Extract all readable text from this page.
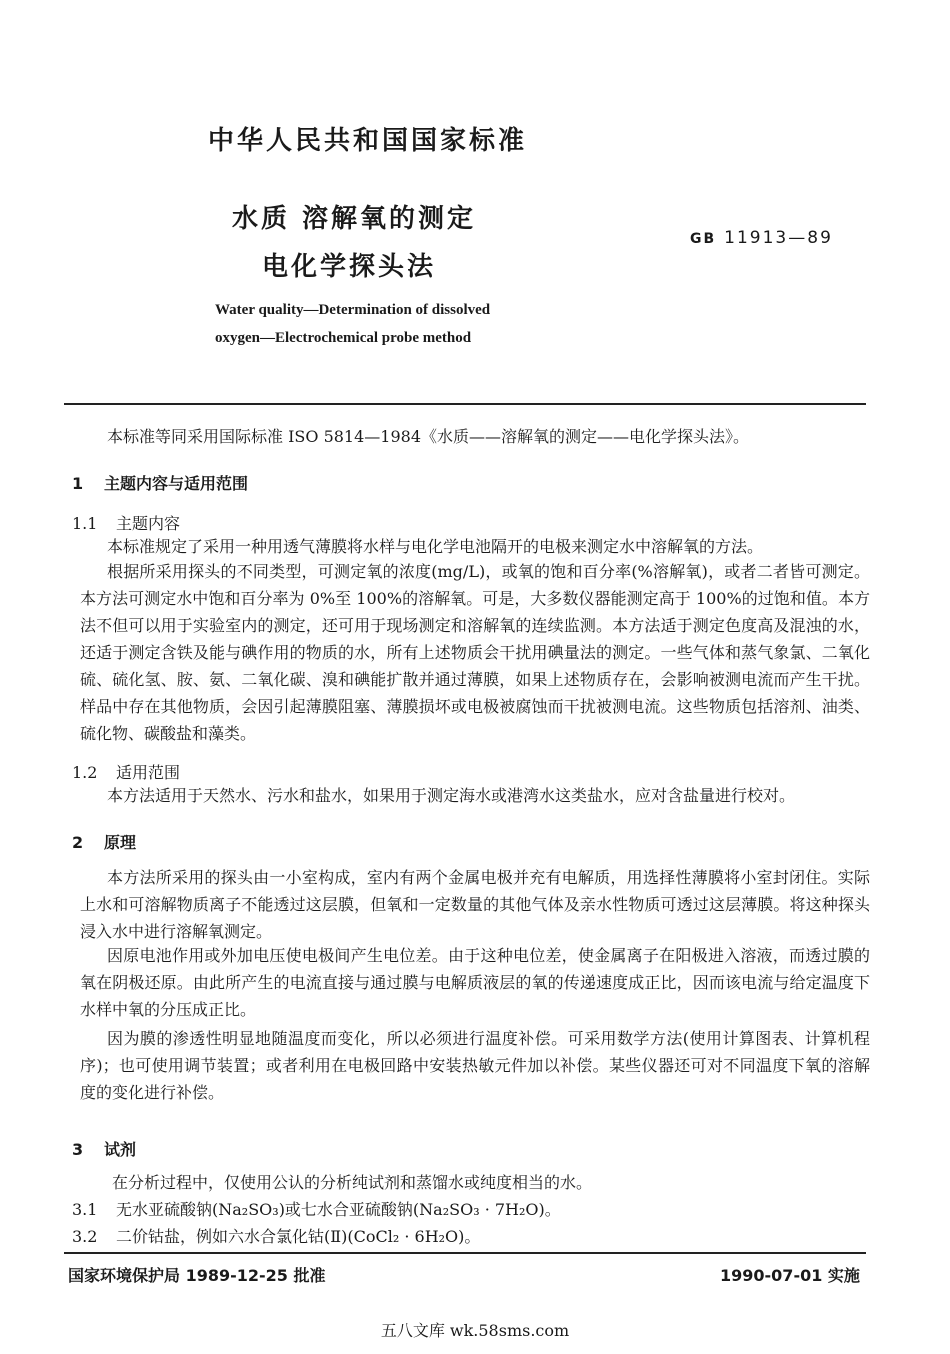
中华人民共和国国家标准
水质 溶解氧的测定
电化学探头法
GB 11913—89
Water quality—Determination of dissolved
oxygen—Electrochemical probe method
本标准等同采用国际标准 ISO 5814—1984《水质——溶解氧的测定——电化学探头法》。
1 主题内容与适用范围
1.1 主题内容
本标准规定了采用一种用透气薄膜将水样与电化学电池隔开的电极来测定水中溶解氧的方法。
根据所采用探头的不同类型，可测定氧的浓度(mg/L)，或氧的饱和百分率(%溶解氧)，或者二者皆可测定。本方法可测定水中饱和百分率为 0%至 100%的溶解氧。可是，大多数仪器能测定高于 100%的过饱和值。本方法不但可以用于实验室内的测定，还可用于现场测定和溶解氧的连续监测。本方法适于测定色度高及混浊的水，还适于测定含铁及能与碘作用的物质的水，所有上述物质会干扰用碘量法的测定。一些气体和蒸气象氯、二氧化硫、硫化氢、胺、氨、二氧化碳、溴和碘能扩散并通过薄膜，如果上述物质存在，会影响被测电流而产生干扰。样品中存在其他物质，会因引起薄膜阻塞、薄膜损坏或电极被腐蚀而干扰被测电流。这些物质包括溶剂、油类、硫化物、碳酸盐和藻类。
1.2 适用范围
本方法适用于天然水、污水和盐水，如果用于测定海水或港湾水这类盐水，应对含盐量进行校对。
2 原理
本方法所采用的探头由一小室构成，室内有两个金属电极并充有电解质，用选择性薄膜将小室封闭住。实际上水和可溶解物质离子不能透过这层膜，但氧和一定数量的其他气体及亲水性物质可透过这层薄膜。将这种探头浸入水中进行溶解氧测定。
因原电池作用或外加电压使电极间产生电位差。由于这种电位差，使金属离子在阳极进入溶液，而透过膜的氧在阴极还原。由此所产生的电流直接与通过膜与电解质液层的氧的传递速度成正比，因而该电流与给定温度下水样中氧的分压成正比。
因为膜的渗透性明显地随温度而变化，所以必须进行温度补偿。可采用数学方法(使用计算图表、计算机程序)；也可使用调节装置；或者利用在电极回路中安装热敏元件加以补偿。某些仪器还可对不同温度下氧的溶解度的变化进行补偿。
3 试剂
在分析过程中，仅使用公认的分析纯试剂和蒸馏水或纯度相当的水。
3.1 无水亚硫酸钠(Na₂SO₃)或七水合亚硫酸钠(Na₂SO₃ · 7H₂O)。
3.2 二价钴盐，例如六水合氯化钴(Ⅱ)(CoCl₂ · 6H₂O)。
国家环境保护局 1989-12-25 批准	1990-07-01 实施
五八文库 wk.58sms.com
